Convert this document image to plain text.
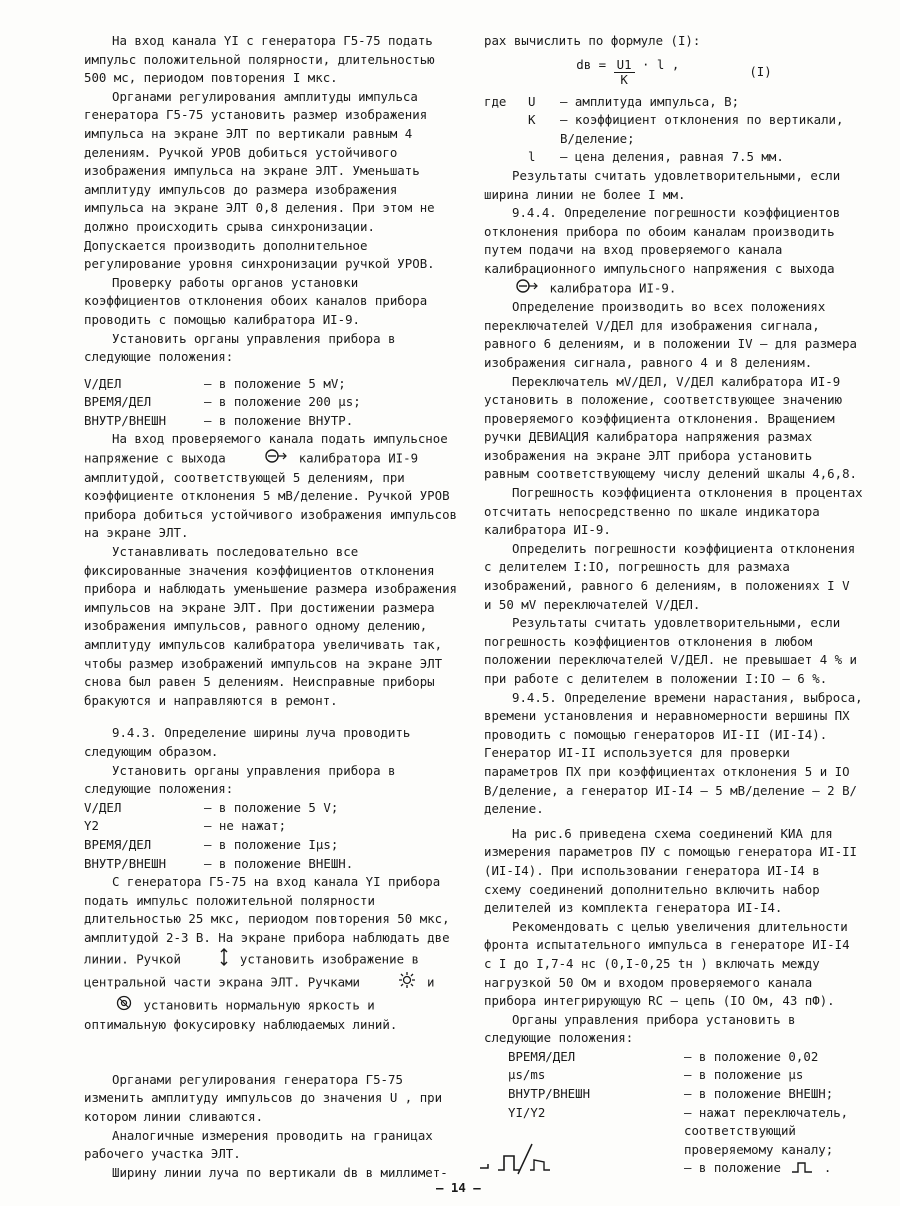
На вход канала YI с генератора Г5-75 подать импульс положительной полярности, длительностью 500 мс, периодом повторения I мкс.

Органами регулирования амплитуды импульса генератора Г5-75 установить размер изображения импульса на экране ЭЛТ по вертикали равным 4 делениям. Ручкой УРОВ добиться устойчивого изображения импульса на экране ЭЛТ. Уменьшать амплитуду импульсов до размера изображения импульса на экране ЭЛТ 0,8 деления. При этом не должно происходить срыва синхронизации. Допускается производить дополнительное регулирование уровня синхронизации ручкой УРОВ.

Проверку работы органов установки коэффициентов отклонения обоих каналов прибора проводить с помощью калибратора ИI-9.

Установить органы управления прибора в следующие положения:

V/ДЕЛ	– в положение 5 мV;
ВРЕМЯ/ДЕЛ	– в положение 200 μs;
ВНУТР/ВНЕШН	– в положение ВНУТР.

На вход проверяемого канала подать импульсное напряжение с выхода	калибратора ИI-9 амплитудой, соответствующей 5 делениям, при коэффициенте отклонения 5 мВ/деление. Ручкой УРОВ прибора добиться устойчивого изображения импульсов на экране ЭЛТ.

Устанавливать последовательно все фиксированные значения коэффициентов отклонения прибора и наблюдать уменьшение размера изображения импульсов на экране ЭЛТ. При достижении размера изображения импульсов, равного одному делению, амплитуду импульсов калибратора увеличивать так, чтобы размер изображений импульсов на экране ЭЛТ снова был равен 5 делениям. Неисправные приборы бракуются и направляются в ремонт.

9.4.3. Определение ширины луча проводить следующим образом.

Установить органы управления прибора в следующие положения:

V/ДЕЛ	– в положение 5 V;
Y2	– не нажат;
ВРЕМЯ/ДЕЛ	– в положение Iμs;
ВНУТР/ВНЕШН	– в положение ВНЕШН.

С генератора Г5-75 на вход канала YI прибора подать импульс положительной полярности длительностью 25 мкс, периодом повторения 50 мкс, амплитудой 2-3 В. На экране прибора наблюдать две линии. Ручкой	установить изображение в центральной части экрана ЭЛТ. Ручками	и  установить нормальную яркость и оптимальную фокусировку наблюдаемых линий.

Органами регулирования генератора Г5-75 изменить амплитуду импульсов до значения U , при котором линии сливаются.

Аналогичные измерения проводить на границах рабочего участка ЭЛТ.

Ширину линии луча по вертикали dв в миллимет-

рах вычислить по формуле (I):

dв = $\frac{U1}{K} \cdot l$ ,	(I)
где	U	– амплитуда импульса, В;
K	– коэффициент отклонения по вертикали, В/деление;
l	– цена деления, равная 7.5 мм.

Результаты считать удовлетворительными, если ширина линии не более I мм.

9.4.4. Определение погрешности коэффициентов отклонения прибора по обоим каналам производить путем подачи на вход проверяемого канала калибрационного импульсного напряжения с выхода  калибратора ИI-9.

Определение производить во всех положениях переключателей V/ДЕЛ для изображения сигнала, равного 6 делениям, и в положении IV – для размера изображения сигнала, равного 4 и 8 делениям.

Переключатель мV/ДЕЛ, V/ДЕЛ калибратора ИI-9 установить в положение, соответствующее значению проверяемого коэффициента отклонения. Вращением ручки ДЕВИАЦИЯ калибратора напряжения размах изображения на экране ЭЛТ прибора установить равным соответствующему числу делений шкалы 4,6,8.

Погрешность коэффициента отклонения в процентах отсчитать непосредственно по шкале индикатора калибратора ИI-9.

Определить погрешности коэффициента отклонения с делителем I:IО, погрешность для размаха изображений, равного 6 делениям, в положениях I V и 50 мV переключателей V/ДЕЛ.

Результаты считать удовлетворительными, если погрешность коэффициентов отклонения в любом положении переключателей V/ДЕЛ. не превышает 4 % и при работе с делителем в положении I:IО – 6 %.

9.4.5. Определение времени нарастания, выброса, времени установления и неравномерности вершины ПХ проводить с помощью генераторов ИI-II (ИI-I4). Генератор ИI-II используется для проверки параметров ПХ при коэффициентах отклонения 5 и IО В/деление, а генератор ИI-I4 – 5 мВ/деление – 2 В/деление.

На рис.6 приведена схема соединений КИА для измерения параметров ПУ с помощью генератора ИI-II (ИI-I4). При использовании генератора ИI-I4 в схему соединений дополнительно включить набор делителей из комплекта генератора ИI-I4.

Рекомендовать с целью увеличения длительности фронта испытательного импульса в генераторе ИI-I4 с I до I,7-4 нс (0,I-0,25 tн ) включать между нагрузкой 50 Ом и входом проверяемого канала прибора интегрирующую RC – цепь (IО Ом, 43 пФ).

Органы управления прибора установить в следующие положения:

ВРЕМЯ/ДЕЛ	– в положение 0,02
μs/ms	– в положение μs
ВНУТР/ВНЕШН	– в положение ВНЕШН;
YI/Y2	– нажат переключатель, соответствующий проверяемому каналу;
– в положение	.
– 14 –
